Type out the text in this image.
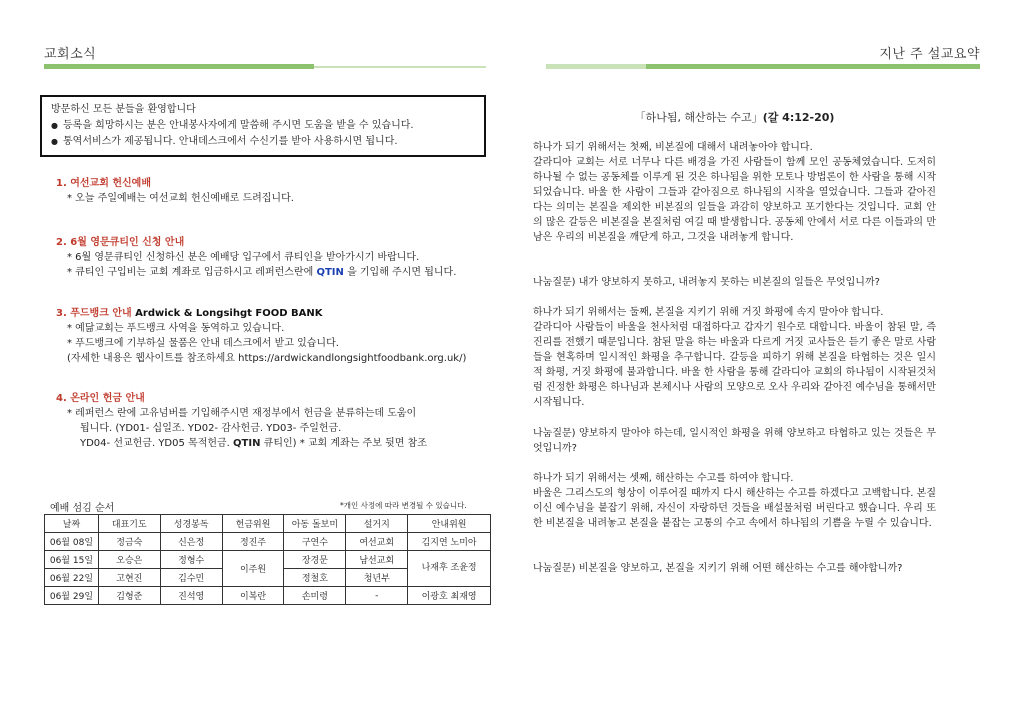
교회소식	지난 주 설교요약
방문하신 모든 분들을 환영합니다
● 등록을 희망하시는 분은 안내봉사자에게 말씀해 주시면 도움을 받을 수 있습니다.
● 통역서비스가 제공됩니다. 안내데스크에서 수신기를 받아 사용하시면 됩니다.
1. 여선교회 헌신예배
* 오늘 주일예배는 여선교회 헌신예배로 드려집니다.
2. 6월 영문큐티인 신청 안내
* 6월 영문큐티인 신청하신 분은 예배당 입구에서 큐티인을 받아가시기 바랍니다.
* 큐티인 구입비는 교회 계좌로 입금하시고 레퍼런스란에 QTIN 을 기입해 주시면 됩니다.
3. 푸드뱅크 안내 Ardwick & Longsihgt FOOD BANK
* 예닮교회는 푸드뱅크 사역을 동역하고 있습니다.
* 푸드뱅크에 기부하실 물품은 안내 데스크에서 받고 있습니다.
(자세한 내용은 웹사이트를 참조하세요 https://ardwickandlongsightfoodbank.org.uk/)
4. 온라인 헌금 안내
* 레퍼런스 란에 고유넘버를 기입해주시면 재정부에서 헌금을 분류하는데 도움이
됩니다. (YD01- 십일조. YD02- 감사헌금. YD03- 주일헌금.
YD04- 선교헌금. YD05 목적헌금. QTIN 큐티인) * 교회 계좌는 주보 뒷면 참조
예배 섬김 순서	*개인 사정에 따라 변경될 수 있습니다.
날짜	대표기도	성경봉독	헌금위원	아동 돌보미	설거지	안내위원
06월 08일	정금숙	신은정	정진주	구연수	여선교회	김지연 노미아
06월 15일	오승은	정형수	이주원	장경문	남선교회	나재후 조윤정
06월 22일	고현진	김수민		정철호	청년부	
06월 29일	김형준	진석영	이복란	손미령	-	이광호 최재영
「하나됨, 해산하는 수고」(갈 4:12-20)
하나가 되기 위해서는 첫째, 비본질에 대해서 내려놓아야 합니다.
갈라디아 교회는 서로 너무나 다른 배경을 가진 사람들이 함께 모인 공동체였습니다. 도저히 하나될 수 없는 공동체를 이루게 된 것은 하나됨을 위한 모토나 방법론이 한 사람을 통해 시작되었습니다. 바울 한 사람이 그들과 같아짐으로 하나됨의 시작을 열었습니다. 그들과 같아진다는 의미는 본질을 제외한 비본질의 일들을 과감히 양보하고 포기한다는 것입니다. 교회 안의 많은 갈등은 비본질을 본질처럼 여길 때 발생합니다. 공동체 안에서 서로 다른 이들과의 만남은 우리의 비본질을 깨닫게 하고, 그것을 내려놓게 합니다.
나눔질문) 내가 양보하지 못하고, 내려놓지 못하는 비본질의 일들은 무엇입니까?
하나가 되기 위해서는 둘째, 본질을 지키기 위해 거짓 화평에 속지 말아야 합니다.
갈라디아 사람들이 바울을 천사처럼 대접하다고 갑자기 원수로 대합니다. 바울이 참된 말, 즉 진리를 전했기 때문입니다. 참된 말을 하는 바울과 다르게 거짓 교사들은 듣기 좋은 말로 사람들을 현혹하며 일시적인 화평을 추구합니다. 갈등을 피하기 위해 본질을 타협하는 것은 일시적 화평, 거짓 화평에 불과합니다. 바울 한 사람을 통해 갈라디아 교회의 하나됨이 시작된것처럼 진정한 화평은 하나님과 본체시나 사람의 모양으로 오사 우리와 같아진 예수님을 통해서만 시작됩니다.
나눔질문) 양보하지 말아야 하는데, 일시적인 화평을 위해 양보하고 타협하고 있는 것들은 무엇입니까?
하나가 되기 위해서는 셋째, 해산하는 수고를 하여야 합니다.
바울은 그리스도의 형상이 이루어질 때까지 다시 해산하는 수고를 하겠다고 고백합니다. 본질이신 예수님을 붙잡기 위해, 자신이 자랑하던 것들을 배설물처럼 버린다고 했습니다. 우리 또한 비본질을 내려놓고 본질을 붙잡는 고통의 수고 속에서 하나됨의 기쁨을 누릴 수 있습니다.
나눔질문) 비본질을 양보하고, 본질을 지키기 위해 어떤 해산하는 수고를 해야합니까?
